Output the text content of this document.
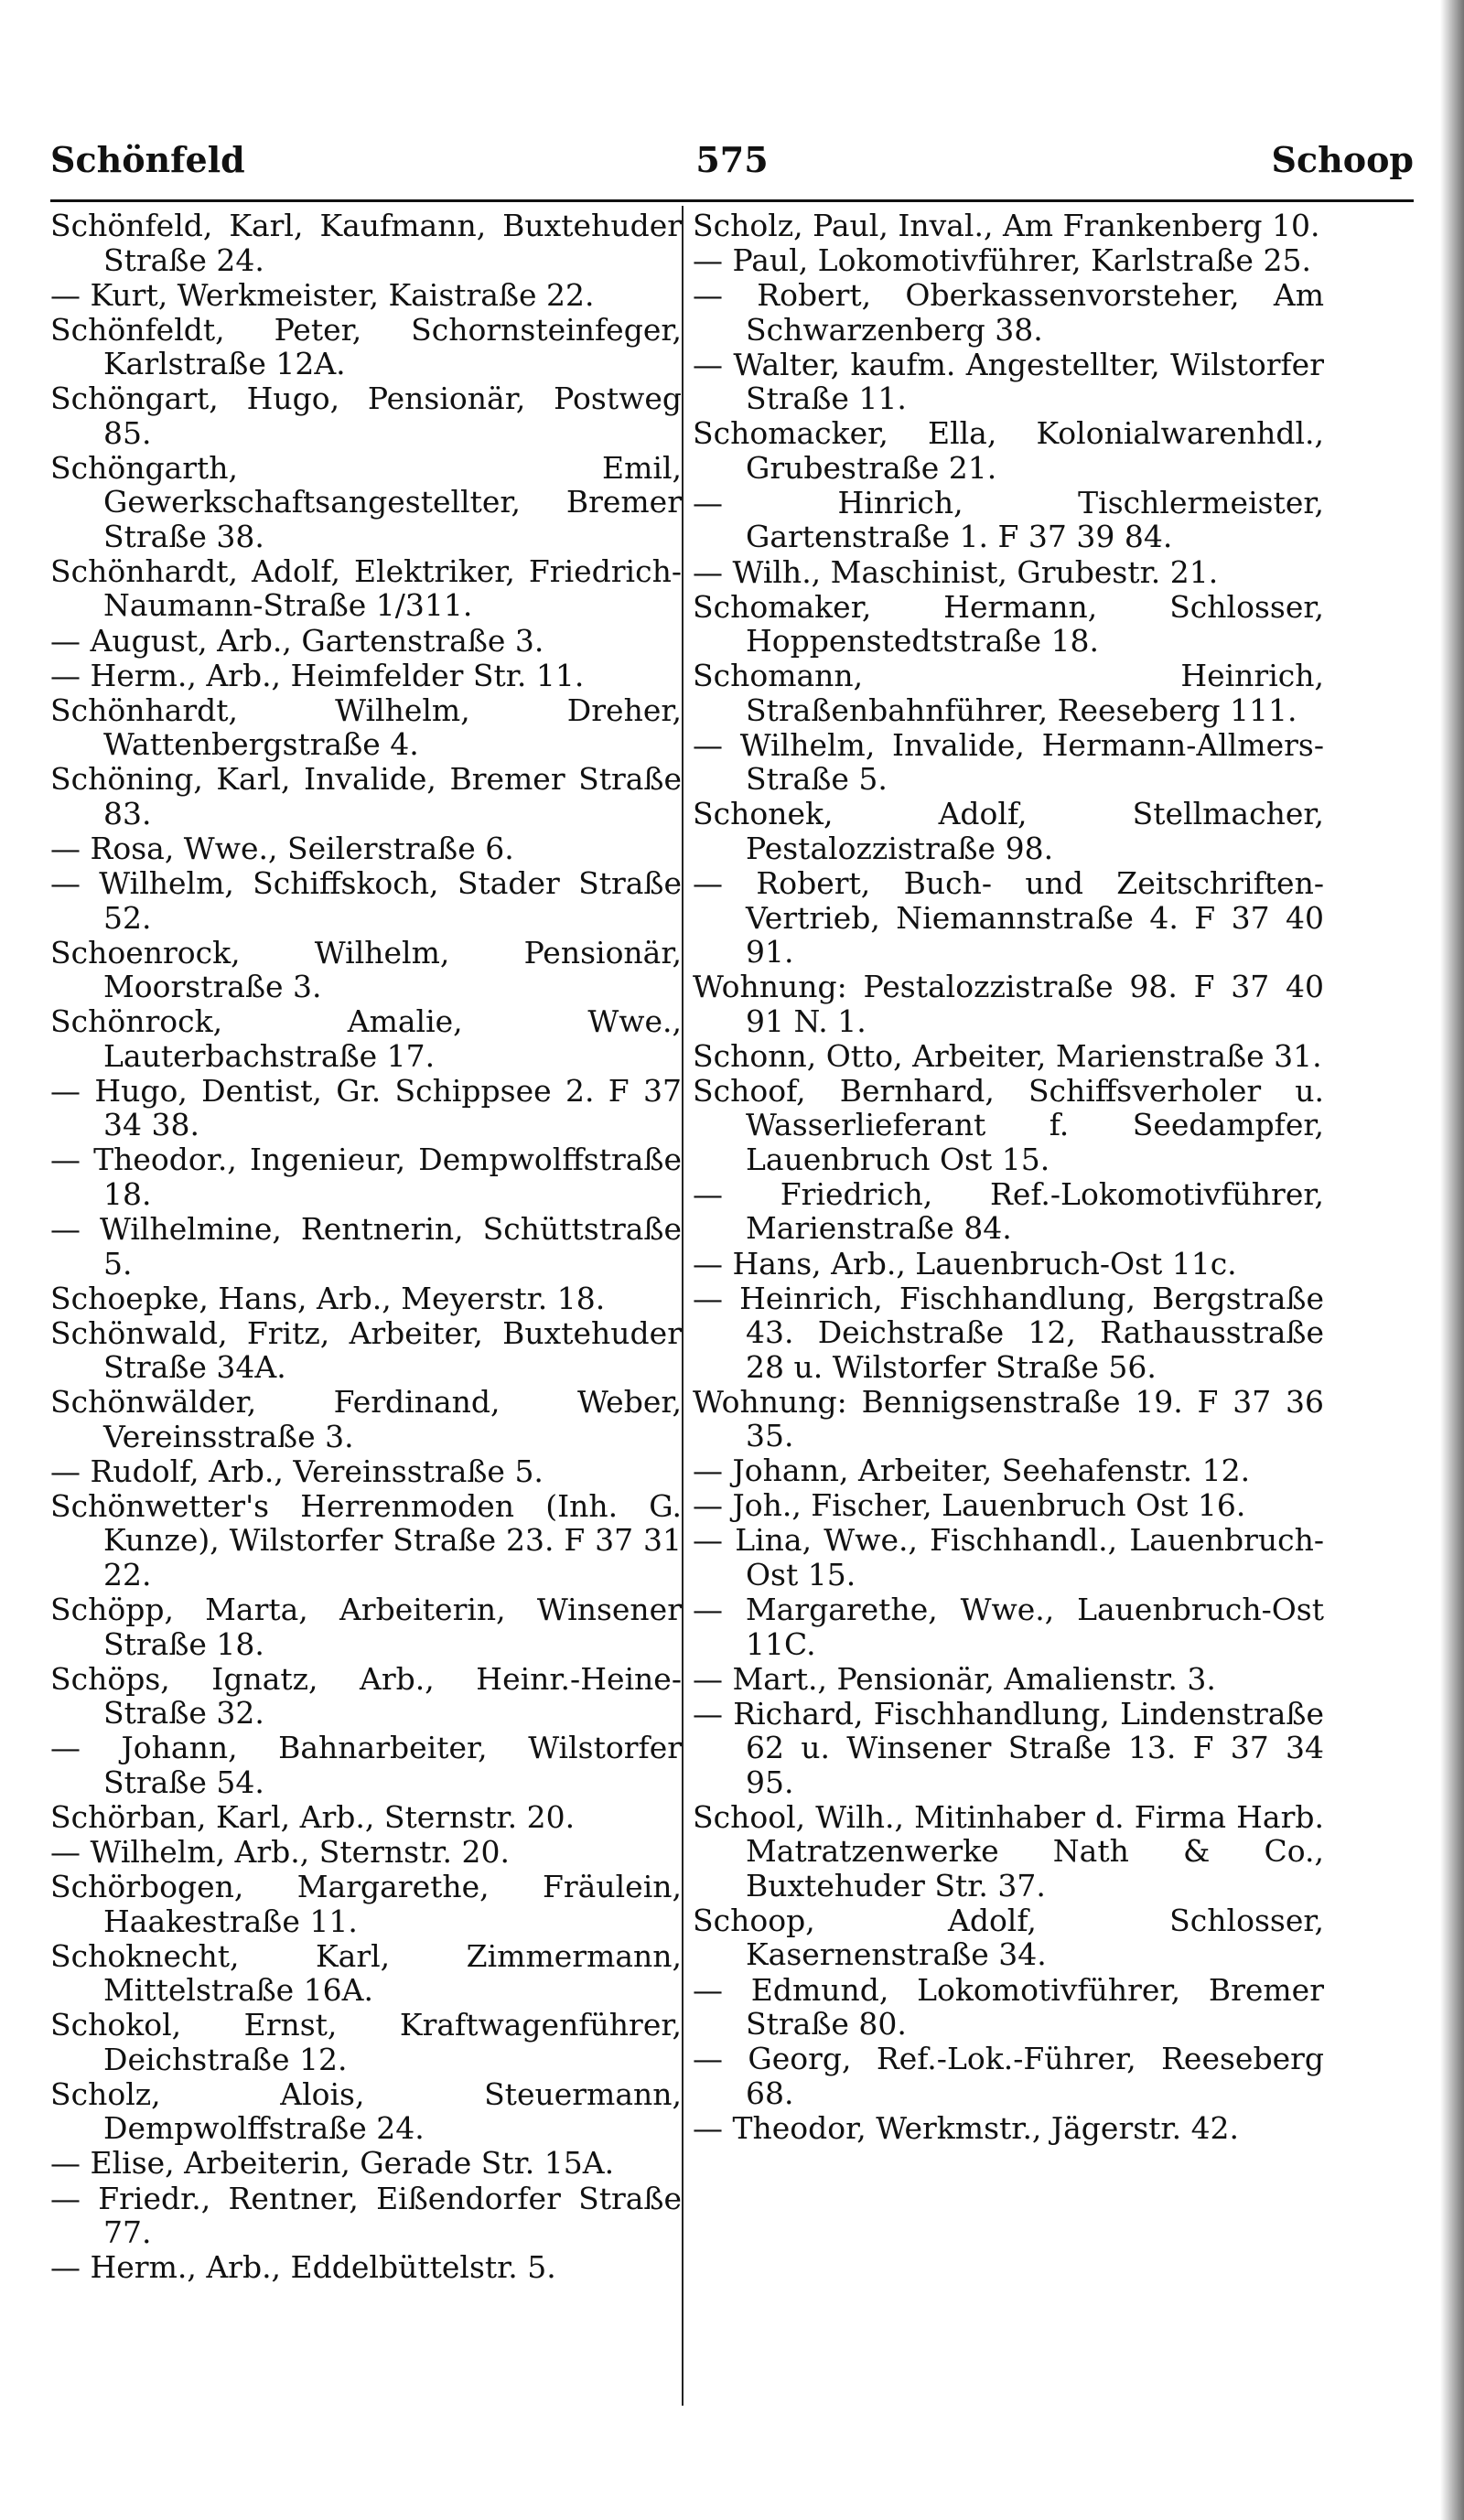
Schönfeld	575	Schoop
Schönfeld, Karl, Kaufmann, Buxtehuder Straße 24.
— Kurt, Werkmeister, Kaistraße 22.
Schönfeldt, Peter, Schornsteinfeger, Karlstraße 12A.
Schöngart, Hugo, Pensionär, Postweg 85.
Schöngarth, Emil, Gewerkschaftsangestellter, Bremer Straße 38.
Schönhardt, Adolf, Elektriker, Friedrich-Naumann-Straße 1/311.
— August, Arb., Gartenstraße 3.
— Herm., Arb., Heimfelder Str. 11.
Schönhardt, Wilhelm, Dreher, Wattenbergstraße 4.
Schöning, Karl, Invalide, Bremer Straße 83.
— Rosa, Wwe., Seilerstraße 6.
— Wilhelm, Schiffskoch, Stader Straße 52.
Schoenrock, Wilhelm, Pensionär, Moorstraße 3.
Schönrock, Amalie, Wwe., Lauterbachstraße 17.
— Hugo, Dentist, Gr. Schippsee 2. F 37 34 38.
— Theodor., Ingenieur, Dempwolffstraße 18.
— Wilhelmine, Rentnerin, Schüttstraße 5.
Schoepke, Hans, Arb., Meyerstr. 18.
Schönwald, Fritz, Arbeiter, Buxtehuder Straße 34A.
Schönwälder, Ferdinand, Weber, Vereinsstraße 3.
— Rudolf, Arb., Vereinsstraße 5.
Schönwetter's Herrenmoden (Inh. G. Kunze), Wilstorfer Straße 23. F 37 31 22.
Schöpp, Marta, Arbeiterin, Winsener Straße 18.
Schöps, Ignatz, Arb., Heinr.-Heine-Straße 32.
— Johann, Bahnarbeiter, Wilstorfer Straße 54.
Schörban, Karl, Arb., Sternstr. 20.
— Wilhelm, Arb., Sternstr. 20.
Schörbogen, Margarethe, Fräulein, Haakestraße 11.
Schoknecht, Karl, Zimmermann, Mittelstraße 16A.
Schokol, Ernst, Kraftwagenführer, Deichstraße 12.
Scholz, Alois, Steuermann, Dempwolffstraße 24.
— Elise, Arbeiterin, Gerade Str. 15A.
— Friedr., Rentner, Eißendorfer Straße 77.
— Herm., Arb., Eddelbüttelstr. 5.
Scholz, Paul, Inval., Am Frankenberg 10.
— Paul, Lokomotivführer, Karlstraße 25.
— Robert, Oberkassenvorsteher, Am Schwarzenberg 38.
— Walter, kaufm. Angestellter, Wilstorfer Straße 11.
Schomacker, Ella, Kolonialwarenhdl., Grubestraße 21.
— Hinrich, Tischlermeister, Gartenstraße 1. F 37 39 84.
— Wilh., Maschinist, Grubestr. 21.
Schomaker, Hermann, Schlosser, Hoppenstedtstraße 18.
Schomann, Heinrich, Straßenbahnführer, Reeseberg 111.
— Wilhelm, Invalide, Hermann-Allmers-Straße 5.
Schonek, Adolf, Stellmacher, Pestalozzistraße 98.
— Robert, Buch- und Zeitschriften-Vertrieb, Niemannstraße 4. F 37 40 91.
Wohnung: Pestalozzistraße 98. F 37 40 91 N. 1.
Schonn, Otto, Arbeiter, Marienstraße 31.
Schoof, Bernhard, Schiffsverholer u. Wasserlieferant f. Seedampfer, Lauenbruch Ost 15.
— Friedrich, Ref.-Lokomotivführer, Marienstraße 84.
— Hans, Arb., Lauenbruch-Ost 11c.
— Heinrich, Fischhandlung, Bergstraße 43. Deichstraße 12, Rathausstraße 28 u. Wilstorfer Straße 56.
Wohnung: Bennigsenstraße 19. F 37 36 35.
— Johann, Arbeiter, Seehafenstr. 12.
— Joh., Fischer, Lauenbruch Ost 16.
— Lina, Wwe., Fischhandl., Lauenbruch-Ost 15.
— Margarethe, Wwe., Lauenbruch-Ost 11C.
— Mart., Pensionär, Amalienstr. 3.
— Richard, Fischhandlung, Lindenstraße 62 u. Winsener Straße 13. F 37 34 95.
School, Wilh., Mitinhaber d. Firma Harb. Matratzenwerke Nath & Co., Buxtehuder Str. 37.
Schoop, Adolf, Schlosser, Kasernenstraße 34.
— Edmund, Lokomotivführer, Bremer Straße 80.
— Georg, Ref.-Lok.-Führer, Reeseberg 68.
— Theodor, Werkmstr., Jägerstr. 42.
